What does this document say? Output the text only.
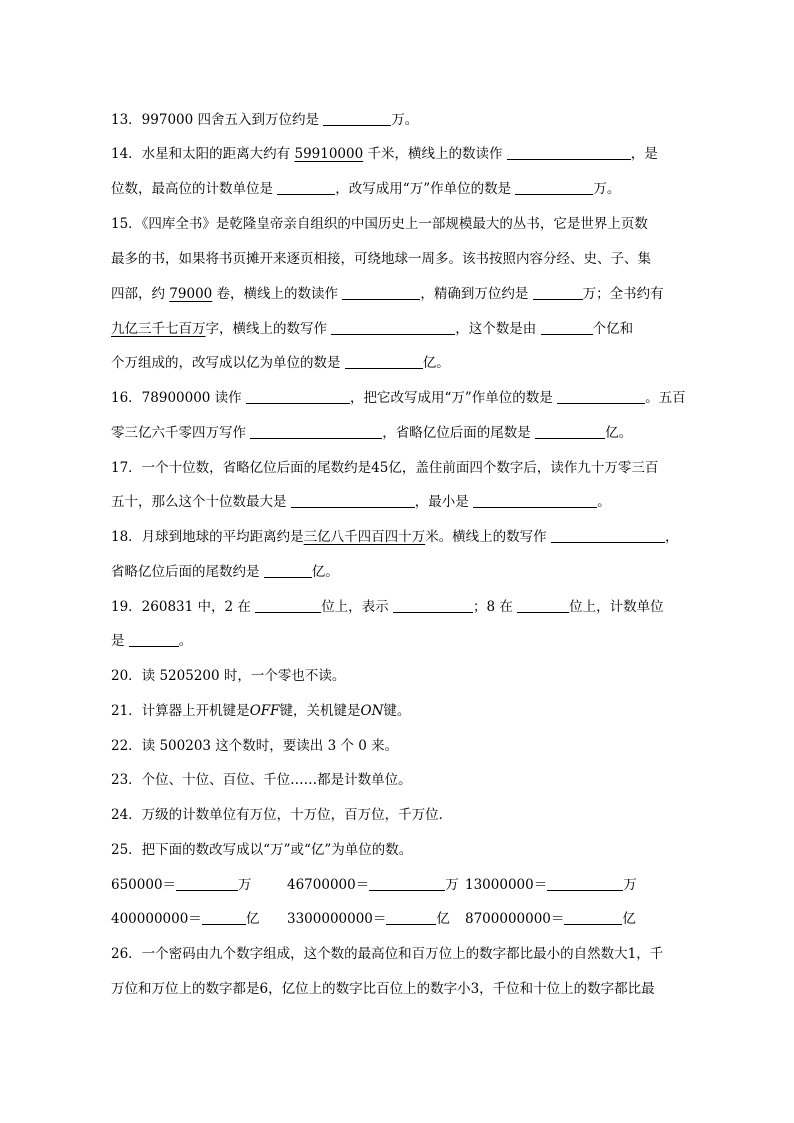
13．997000 四舍五入到万位约是	万。
14．水星和太阳的距离大约有 59910000 千米，横线上的数读作	，是
位数，最高位的计数单位是	，改写成用“万”作单位的数是	万。
15．《四库全书》是乾隆皇帝亲自组织的中国历史上一部规模最大的丛书，它是世界上页数
最多的书，如果将书页摊开来逐页相接，可绕地球一周多。该书按照内容分经、史、子、集
四部，约 79000 卷，横线上的数读作	，精确到万位约是	万；全书约有
九亿三千七百万字，横线上的数写作	，这个数是由	个亿和
个万组成的，改写成以亿为单位的数是	亿。
16．78900000 读作	，把它改写成用“万”作单位的数是	。五百
零三亿六千零四万写作	，省略亿位后面的尾数是	亿。
17．一个十位数，省略亿位后面的尾数约是45亿，盖住前面四个数字后，读作九十万零三百
五十，那么这个十位数最大是	，最小是	。
18．月球到地球的平均距离约是三亿八千四百四十万米。横线上的数写作	，
省略亿位后面的尾数约是	亿。
19．260831 中，2 在	位上，表示	；8 在	位上，计数单位
是	。
20．读 5205200 时，一个零也不读。
21．计算器上开机键是OFF键，关机键是ON键。
22．读 500203 这个数时，要读出 3 个 0 来。
23．个位、十位、百位、千位……都是计数单位。
24．万级的计数单位有万位，十万位，百万位，千万位．
25．把下面的数改写成以“万”或“亿”为单位的数。
650000＝	万	46700000＝	万 13000000＝	万
400000000＝	亿 3300000000＝	亿 8700000000＝	亿
26．一个密码由九个数字组成，这个数的最高位和百万位上的数字都比最小的自然数大1，千
万位和万位上的数字都是6，亿位上的数字比百位上的数字小3，千位和十位上的数字都比最
